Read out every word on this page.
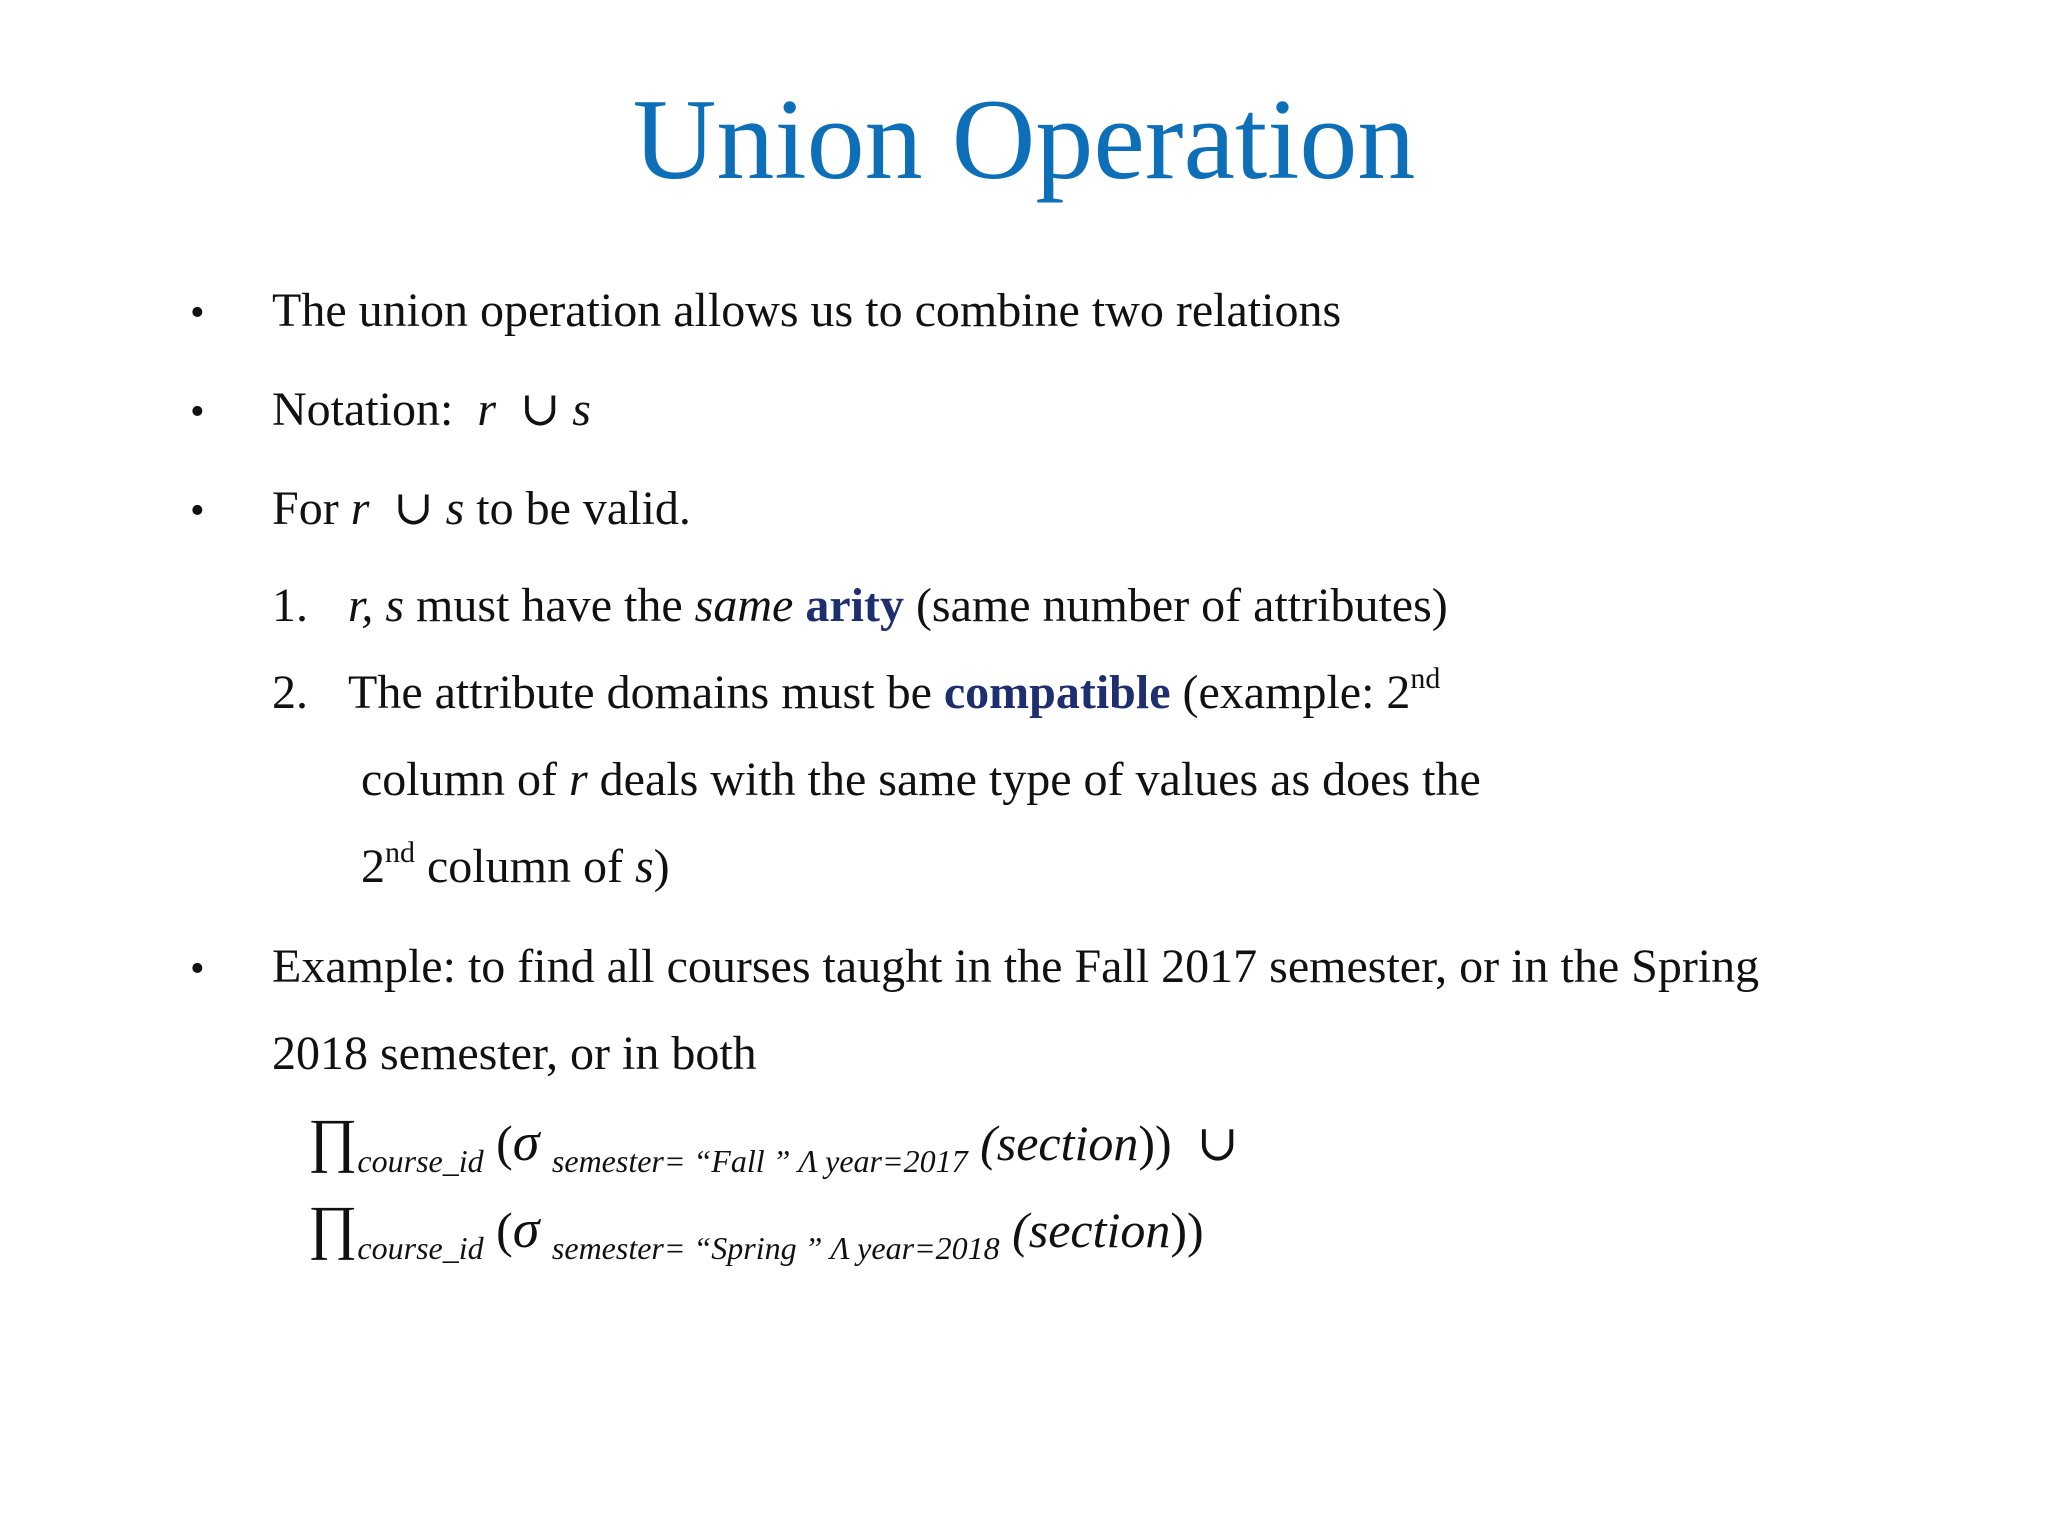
Union Operation
• The union operation allows us to combine two relations
• Notation: r ∪ s
• For r ∪ s to be valid.
1. r, s must have the same arity (same number of attributes)
2. The attribute domains must be compatible (example: 2nd
column of r deals with the same type of values as does the
2nd column of s)
• Example: to find all courses taught in the Fall 2017 semester, or in the Spring
2018 semester, or in both
$\prod_{course\_id}$ (σ $_{semester= “Fall ” \Lambda year=2017}$ (section)) ∪
$\prod_{course\_id}$ (σ $_{semester= “Spring ” \Lambda year=2018}$ (section))
